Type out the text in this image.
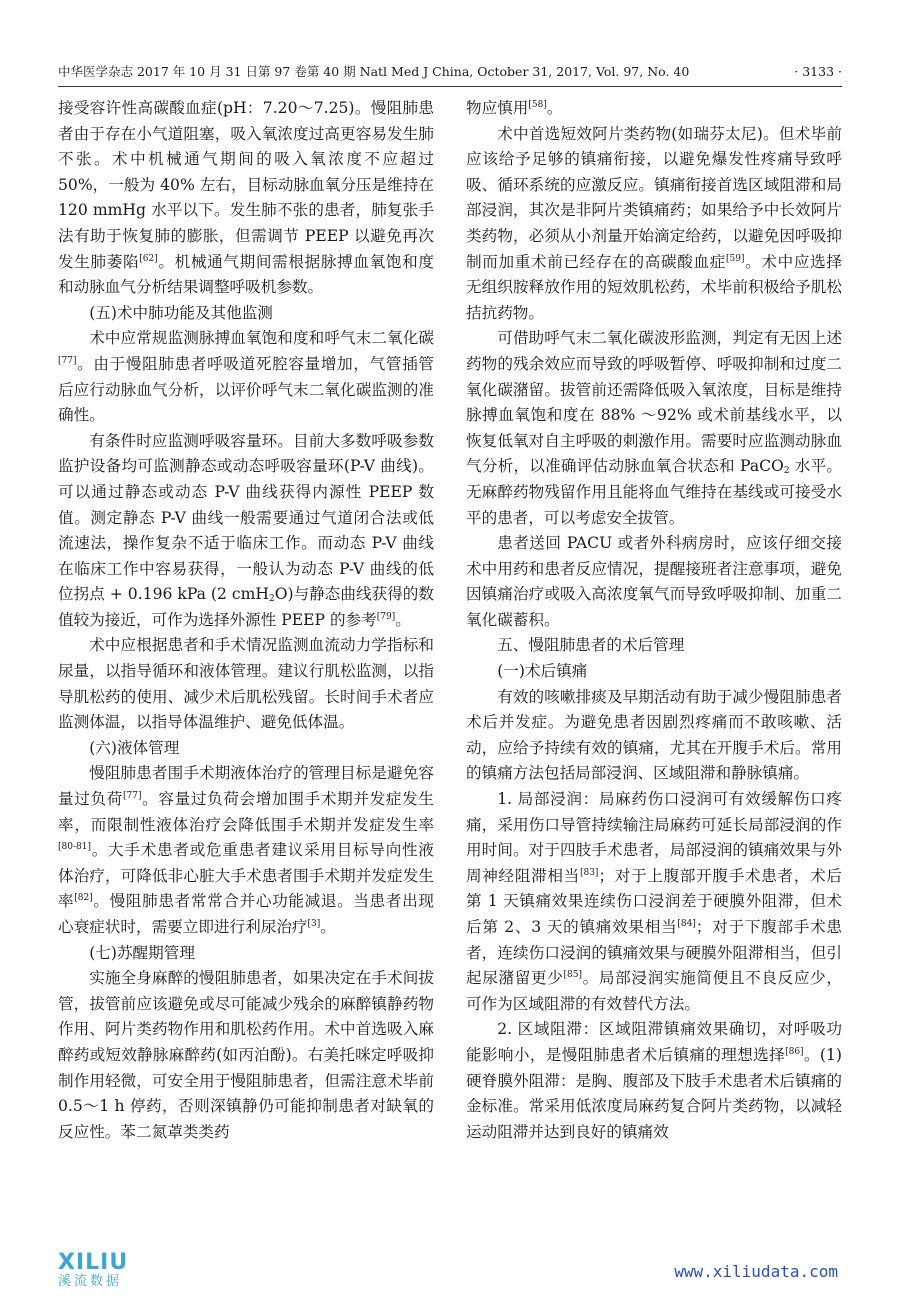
中华医学杂志 2017 年 10 月 31 日第 97 卷第 40 期 Natl Med J China, October 31, 2017, Vol. 97, No. 40	· 3133 ·

接受容许性高碳酸血症(pH：7.20～7.25)。慢阻肺患者由于存在小气道阻塞，吸入氧浓度过高更容易发生肺不张。术中机械通气期间的吸入氧浓度不应超过 50%，一般为 40% 左右，目标动脉血氧分压是维持在 120 mmHg 水平以下。发生肺不张的患者，肺复张手法有助于恢复肺的膨胀，但需调节 PEEP 以避免再次发生肺萎陷[62]。机械通气期间需根据脉搏血氧饱和度和动脉血气分析结果调整呼吸机参数。

(五)术中肺功能及其他监测

术中应常规监测脉搏血氧饱和度和呼气末二氧化碳[77]。由于慢阻肺患者呼吸道死腔容量增加，气管插管后应行动脉血气分析，以评价呼气末二氧化碳监测的准确性。

有条件时应监测呼吸容量环。目前大多数呼吸参数监护设备均可监测静态或动态呼吸容量环(P-V 曲线)。可以通过静态或动态 P-V 曲线获得内源性 PEEP 数值。测定静态 P-V 曲线一般需要通过气道闭合法或低流速法，操作复杂不适于临床工作。而动态 P-V 曲线在临床工作中容易获得，一般认为动态 P-V 曲线的低位拐点 + 0.196 kPa (2 cmH$_2$O)与静态曲线获得的数值较为接近，可作为选择外源性 PEEP 的参考[79]。

术中应根据患者和手术情况监测血流动力学指标和尿量，以指导循环和液体管理。建议行肌松监测，以指导肌松药的使用、减少术后肌松残留。长时间手术者应监测体温，以指导体温维护、避免低体温。

(六)液体管理

慢阻肺患者围手术期液体治疗的管理目标是避免容量过负荷[77]。容量过负荷会增加围手术期并发症发生率，而限制性液体治疗会降低围手术期并发症发生率[80-81]。大手术患者或危重患者建议采用目标导向性液体治疗，可降低非心脏大手术患者围手术期并发症发生率[82]。慢阻肺患者常常合并心功能减退。当患者出现心衰症状时，需要立即进行利尿治疗[3]。

(七)苏醒期管理

实施全身麻醉的慢阻肺患者，如果决定在手术间拔管，拔管前应该避免或尽可能减少残余的麻醉镇静药物作用、阿片类药物作用和肌松药作用。术中首选吸入麻醉药或短效静脉麻醉药(如丙泊酚)。右美托咪定呼吸抑制作用轻微，可安全用于慢阻肺患者，但需注意术毕前 0.5～1 h 停药，否则深镇静仍可能抑制患者对缺氧的反应性。苯二氮䓬类类药

物应慎用[58]。

术中首选短效阿片类药物(如瑞芬太尼)。但术毕前应该给予足够的镇痛衔接，以避免爆发性疼痛导致呼吸、循环系统的应激反应。镇痛衔接首选区域阻滞和局部浸润，其次是非阿片类镇痛药；如果给予中长效阿片类药物，必须从小剂量开始滴定给药，以避免因呼吸抑制而加重术前已经存在的高碳酸血症[59]。术中应选择无组织胺释放作用的短效肌松药，术毕前积极给予肌松拮抗药物。

可借助呼气末二氧化碳波形监测，判定有无因上述药物的残余效应而导致的呼吸暂停、呼吸抑制和过度二氧化碳潴留。拔管前还需降低吸入氧浓度，目标是维持脉搏血氧饱和度在 88% ～92% 或术前基线水平，以恢复低氧对自主呼吸的刺激作用。需要时应监测动脉血气分析，以准确评估动脉血氧合状态和 PaCO$_2$ 水平。无麻醉药物残留作用且能将血气维持在基线或可接受水平的患者，可以考虑安全拔管。

患者送回 PACU 或者外科病房时，应该仔细交接术中用药和患者反应情况，提醒接班者注意事项，避免因镇痛治疗或吸入高浓度氧气而导致呼吸抑制、加重二氧化碳蓄积。

五、慢阻肺患者的术后管理
(一)术后镇痛

有效的咳嗽排痰及早期活动有助于减少慢阻肺患者术后并发症。为避免患者因剧烈疼痛而不敢咳嗽、活动，应给予持续有效的镇痛，尤其在开腹手术后。常用的镇痛方法包括局部浸润、区域阻滞和静脉镇痛。

1. 局部浸润：局麻药伤口浸润可有效缓解伤口疼痛，采用伤口导管持续输注局麻药可延长局部浸润的作用时间。对于四肢手术患者，局部浸润的镇痛效果与外周神经阻滞相当[83]；对于上腹部开腹手术患者，术后第 1 天镇痛效果连续伤口浸润差于硬膜外阻滞，但术后第 2、3 天的镇痛效果相当[84]；对于下腹部手术患者，连续伤口浸润的镇痛效果与硬膜外阻滞相当，但引起尿潴留更少[85]。局部浸润实施简便且不良反应少，可作为区域阻滞的有效替代方法。

2. 区域阻滞：区域阻滞镇痛效果确切，对呼吸功能影响小，是慢阻肺患者术后镇痛的理想选择[86]。(1)硬脊膜外阻滞：是胸、腹部及下肢手术患者术后镇痛的金标准。常采用低浓度局麻药复合阿片类药物，以减轻运动阻滞并达到良好的镇痛效

XILIU
溪流数据
www.xiliudata.com
